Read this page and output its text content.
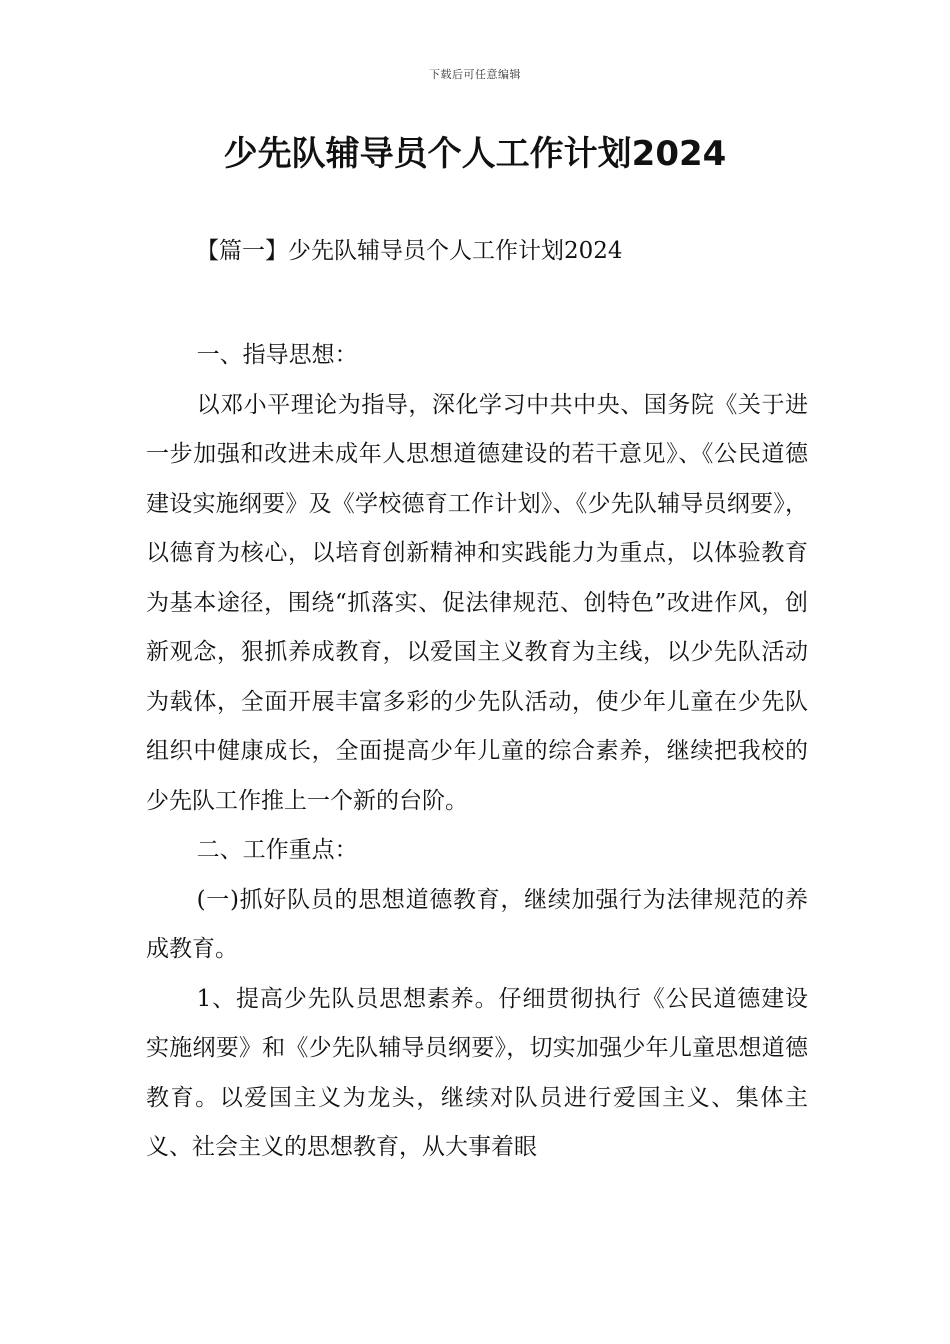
下载后可任意编辑
少先队辅导员个人工作计划2024
【篇一】少先队辅导员个人工作计划2024

一、指导思想：

以邓小平理论为指导，深化学习中共中央、国务院《关于进一步加强和改进未成年人思想道德建设的若干意见》、《公民道德建设实施纲要》及《学校德育工作计划》、《少先队辅导员纲要》，以德育为核心，以培育创新精神和实践能力为重点，以体验教育为基本途径，围绕“抓落实、促法律规范、创特色”改进作风，创新观念，狠抓养成教育，以爱国主义教育为主线，以少先队活动为载体，全面开展丰富多彩的少先队活动，使少年儿童在少先队组织中健康成长，全面提高少年儿童的综合素养，继续把我校的少先队工作推上一个新的台阶。

二、工作重点：

(一)抓好队员的思想道德教育，继续加强行为法律规范的养成教育。

1、提高少先队员思想素养。仔细贯彻执行《公民道德建设实施纲要》和《少先队辅导员纲要》，切实加强少年儿童思想道德教育。以爱国主义为龙头，继续对队员进行爱国主义、集体主义、社会主义的思想教育，从大事着眼
